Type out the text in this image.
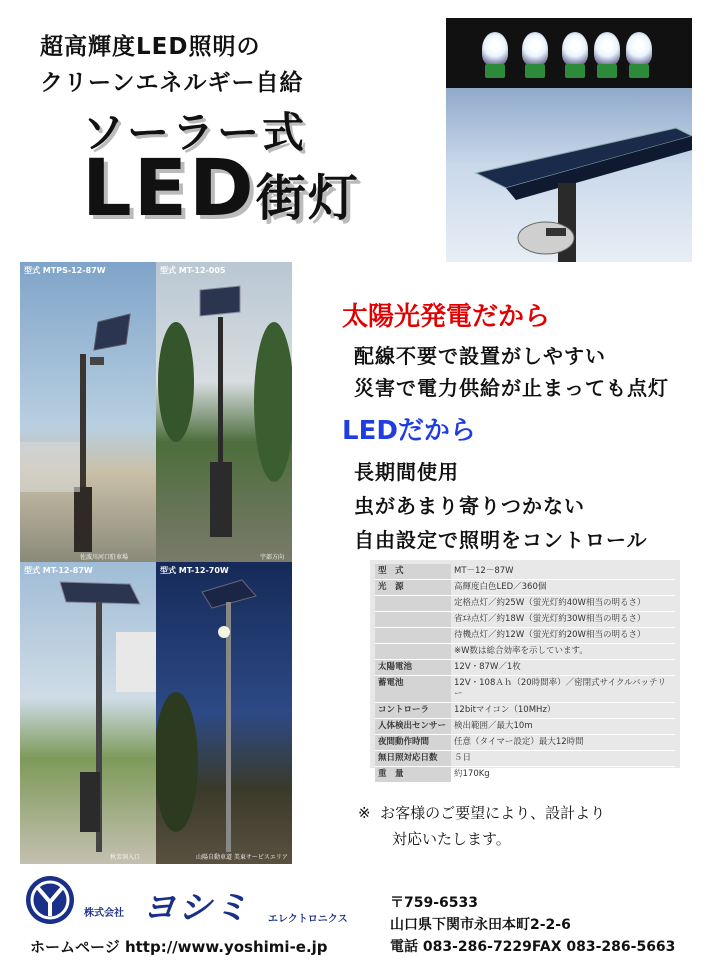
超高輝度LED照明の
クリーンエネルギー自給
ソーラー式
LED街灯
型式 MTPS-12-87W
佐波川河口駐車場
型式 MT-12-005
宇部方向
型式 MT-12-87W
秋芳洞入口
型式 MT-12-70W
山陽自動車道 美東サービスエリア
太陽光発電だから
配線不要で設置がしやすい
災害で電力供給が止まっても点灯
LEDだから
長期間使用
虫があまり寄りつかない
自由設定で照明をコントロール
型　式	MT－12－87W
光　源	高輝度白色LED／360個
	定格点灯／約25W（蛍光灯約40W相当の明るさ）
	省ｴﾈ点灯／約18W（蛍光灯約30W相当の明るさ）
	待機点灯／約12W（蛍光灯約20W相当の明るさ）
	※W数は総合効率を示しています。
太陽電池	12V・87W／1枚
蓄電池	12V・108Ａｈ（20時間率）／密閉式サイクルバッテリー
コントローラ	12bitマイコン（10MHz）
人体検出センサー	検出範囲／最大10m
夜間動作時間	任意（タイマー設定）最大12時間
無日照対応日数	５日
重　量	約170Kg
※ お客様のご要望により、設計より
対応いたします。
株式会社 ヨシミ エレクトロニクス
ホームページ http://www.yoshimi-e.jp
〒759-6533
山口県下関市永田本町2-2-6
電話 083-286-7229FAX 083-286-5663
